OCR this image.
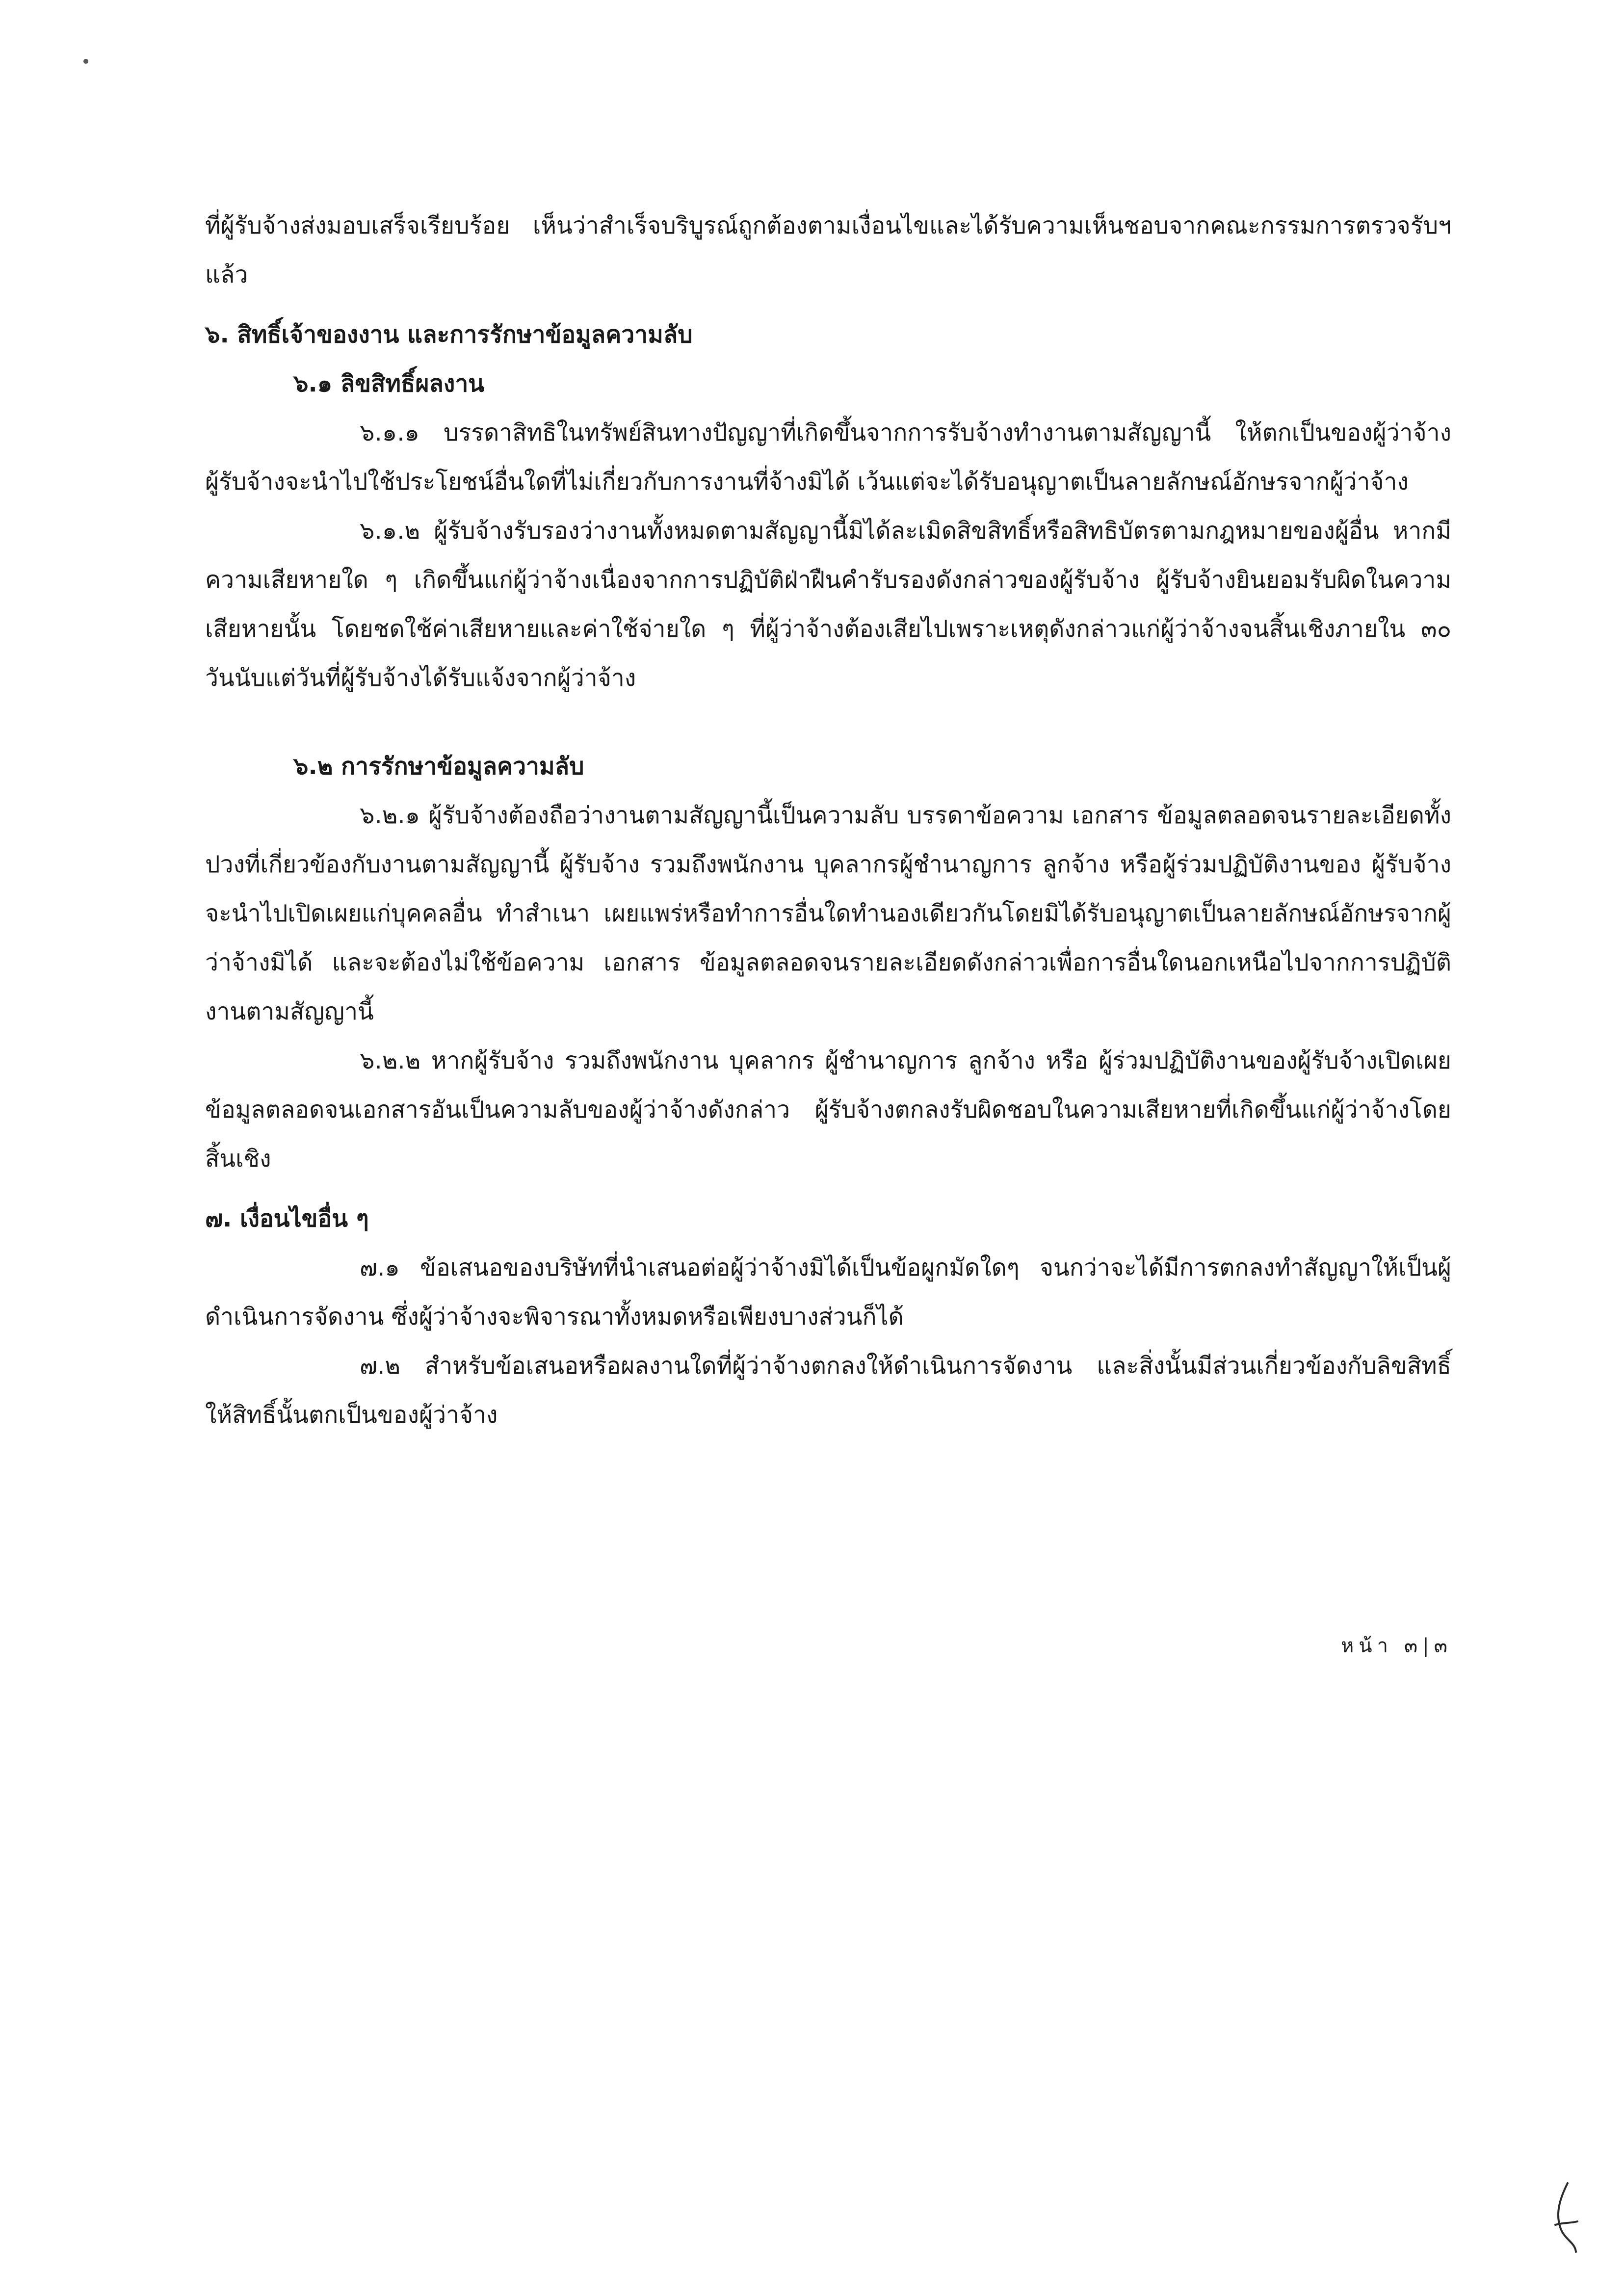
ที่ผู้รับจ้างส่งมอบเสร็จเรียบร้อย เห็นว่าสำเร็จบริบูรณ์ถูกต้องตามเงื่อนไขและได้รับความเห็นชอบจากคณะกรรมการตรวจรับฯ แล้ว

๖. สิทธิ์เจ้าของงาน และการรักษาข้อมูลความลับ

๖.๑ ลิขสิทธิ์ผลงาน

๖.๑.๑ บรรดาสิทธิในทรัพย์สินทางปัญญาที่เกิดขึ้นจากการรับจ้างทำงานตามสัญญานี้ ให้ตกเป็นของผู้ว่าจ้าง ผู้รับจ้างจะนำไปใช้ประโยชน์อื่นใดที่ไม่เกี่ยวกับการงานที่จ้างมิได้ เว้นแต่จะได้รับอนุญาตเป็นลายลักษณ์อักษรจากผู้ว่าจ้าง

๖.๑.๒ ผู้รับจ้างรับรองว่างานทั้งหมดตามสัญญานี้มิได้ละเมิดสิขสิทธิ์หรือสิทธิบัตรตามกฎหมายของผู้อื่น หากมีความเสียหายใด ๆ เกิดขึ้นแก่ผู้ว่าจ้างเนื่องจากการปฏิบัติฝ่าฝืนคำรับรองดังกล่าวของผู้รับจ้าง ผู้รับจ้างยินยอมรับผิดในความเสียหายนั้น โดยชดใช้ค่าเสียหายและค่าใช้จ่ายใด ๆ ที่ผู้ว่าจ้างต้องเสียไปเพราะเหตุดังกล่าวแก่ผู้ว่าจ้างจนสิ้นเชิงภายใน ๓๐ วันนับแต่วันที่ผู้รับจ้างได้รับแจ้งจากผู้ว่าจ้าง

๖.๒ การรักษาข้อมูลความลับ

๖.๒.๑ ผู้รับจ้างต้องถือว่างานตามสัญญานี้เป็นความลับ บรรดาข้อความ เอกสาร ข้อมูลตลอดจนรายละเอียดทั้งปวงที่เกี่ยวข้องกับงานตามสัญญานี้ ผู้รับจ้าง รวมถึงพนักงาน บุคลากรผู้ชำนาญการ ลูกจ้าง หรือผู้ร่วมปฏิบัติงานของ ผู้รับจ้างจะนำไปเปิดเผยแก่บุคคลอื่น ทำสำเนา เผยแพร่หรือทำการอื่นใดทำนองเดียวกันโดยมิได้รับอนุญาตเป็นลายลักษณ์อักษรจากผู้ว่าจ้างมิได้ และจะต้องไม่ใช้ข้อความ เอกสาร ข้อมูลตลอดจนรายละเอียดดังกล่าวเพื่อการอื่นใดนอกเหนือไปจากการปฏิบัติงานตามสัญญานี้

๖.๒.๒ หากผู้รับจ้าง รวมถึงพนักงาน บุคลากร ผู้ชำนาญการ ลูกจ้าง หรือ ผู้ร่วมปฏิบัติงานของผู้รับจ้างเปิดเผยข้อมูลตลอดจนเอกสารอันเป็นความลับของผู้ว่าจ้างดังกล่าว ผู้รับจ้างตกลงรับผิดชอบในความเสียหายที่เกิดขึ้นแก่ผู้ว่าจ้างโดยสิ้นเชิง

๗. เงื่อนไขอื่น ๆ

๗.๑ ข้อเสนอของบริษัทที่นำเสนอต่อผู้ว่าจ้างมิได้เป็นข้อผูกมัดใดๆ จนกว่าจะได้มีการตกลงทำสัญญาให้เป็นผู้ดำเนินการจัดงาน ซึ่งผู้ว่าจ้างจะพิจารณาทั้งหมดหรือเพียงบางส่วนก็ได้

๗.๒ สำหรับข้อเสนอหรือผลงานใดที่ผู้ว่าจ้างตกลงให้ดำเนินการจัดงาน และสิ่งนั้นมีส่วนเกี่ยวข้องกับลิขสิทธิ์ ให้สิทธิ์นั้นตกเป็นของผู้ว่าจ้าง

หน้า ๓|๓
